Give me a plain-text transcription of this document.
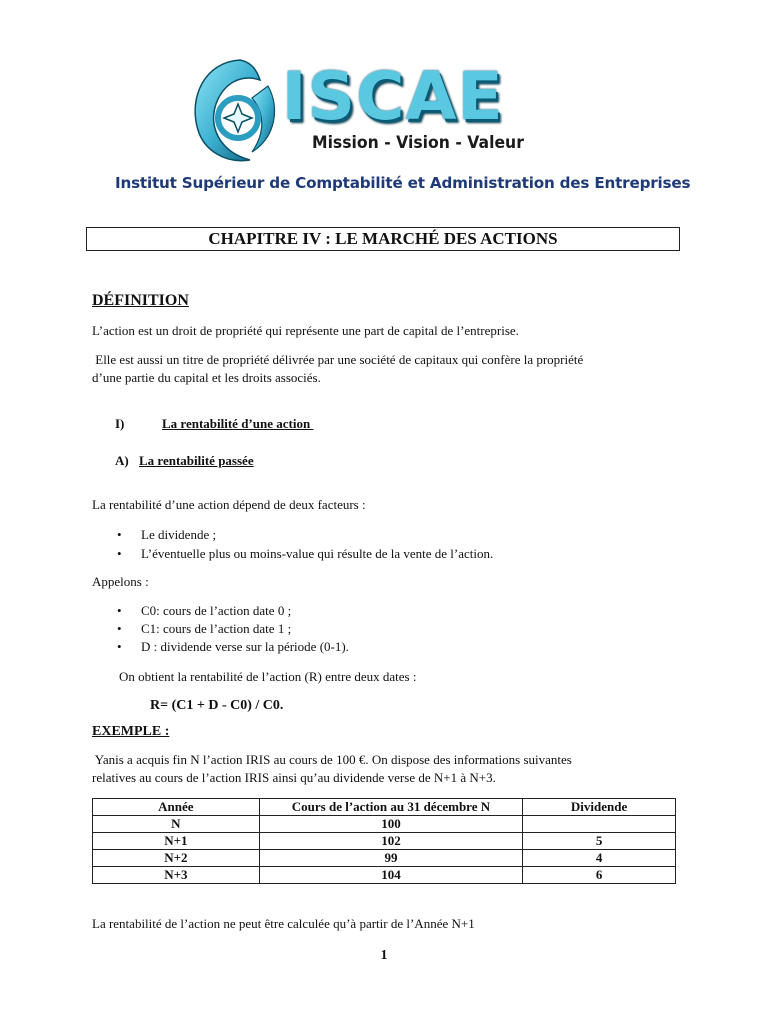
ISCAE
Mission - Vision - Valeur
Institut Supérieur de Comptabilité et Administration des Entreprises
CHAPITRE IV : LE MARCHÉ DES ACTIONS
DÉFINITION
L’action est un droit de propriété qui représente une part de capital de l’entreprise.
Elle est aussi un titre de propriété délivrée par une société de capitaux qui confère la propriété
d’une partie du capital et les droits associés.
I)	La rentabilité d’une action
A) La rentabilité passée
La rentabilité d’une action dépend de deux facteurs :
• Le dividende ;
• L’éventuelle plus ou moins-value qui résulte de la vente de l’action.
Appelons :
• C0: cours de l’action date 0 ;
• C1: cours de l’action date 1 ;
• D : dividende verse sur la période (0-1).
On obtient la rentabilité de l’action (R) entre deux dates :
R= (C1 + D - C0) / C0.
EXEMPLE :
Yanis a acquis fin N l’action IRIS au cours de 100 €. On dispose des informations suivantes
relatives au cours de l’action IRIS ainsi qu’au dividende verse de N+1 à N+3.
Année	Cours de l’action au 31 décembre N	Dividende
N	100	
N+1	102	5
N+2	99	4
N+3	104	6
La rentabilité de l’action ne peut être calculée qu’à partir de l’Année N+1
1
